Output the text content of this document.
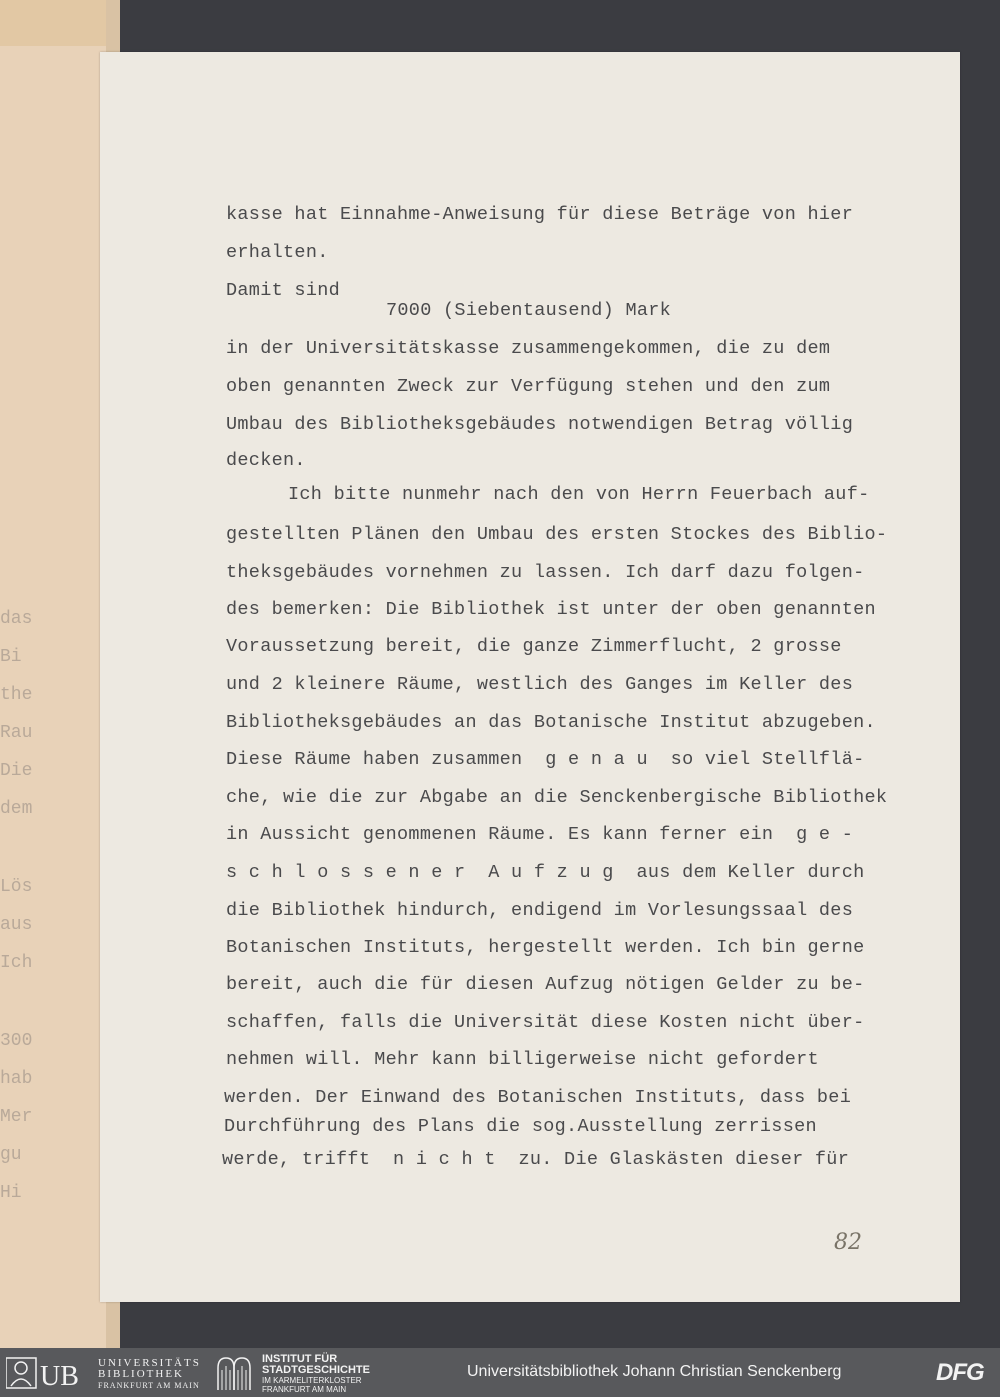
das
Bi
the
Rau
Die
dem
Lös
aus
Ich
300
hab
Mer
gu
Hi
kasse hat Einnahme-Anweisung für diese Beträge von hier
erhalten.
Damit sind
7000 (Siebentausend) Mark
in der Universitätskasse zusammengekommen, die zu dem
oben genannten Zweck zur Verfügung stehen und den zum
Umbau des Bibliotheksgebäudes notwendigen Betrag völlig
decken.
Ich bitte nunmehr nach den von Herrn Feuerbach auf-
gestellten Plänen den Umbau des ersten Stockes des Biblio-
theksgebäudes vornehmen zu lassen. Ich darf dazu folgen-
des bemerken: Die Bibliothek ist unter der oben genannten
Voraussetzung bereit, die ganze Zimmerflucht, 2 grosse
und 2 kleinere Räume, westlich des Ganges im Keller des
Bibliotheksgebäudes an das Botanische Institut abzugeben.
Diese Räume haben zusammen  g e n a u  so viel Stellflä-
che, wie die zur Abgabe an die Senckenbergische Bibliothek
in Aussicht genommenen Räume. Es kann ferner ein  g e -
s c h l o s s e n e r  A u f z u g  aus dem Keller durch
die Bibliothek hindurch, endigend im Vorlesungssaal des
Botanischen Instituts, hergestellt werden. Ich bin gerne
bereit, auch die für diesen Aufzug nötigen Gelder zu be-
schaffen, falls die Universität diese Kosten nicht über-
nehmen will. Mehr kann billigerweise nicht gefordert
werden. Der Einwand des Botanischen Instituts, dass bei
Durchführung des Plans die sog.Ausstellung zerrissen
werde, trifft  n i c h t  zu. Die Glaskästen dieser für
82
UB UNIVERSITÄTS
BIBLIOTHEK
FRANKFURT AM MAIN
INSTITUT FÜR
STADTGESCHICHTE
IM KARMELITERKLOSTER
FRANKFURT AM MAIN
Universitätsbibliothek Johann Christian Senckenberg	DFG
